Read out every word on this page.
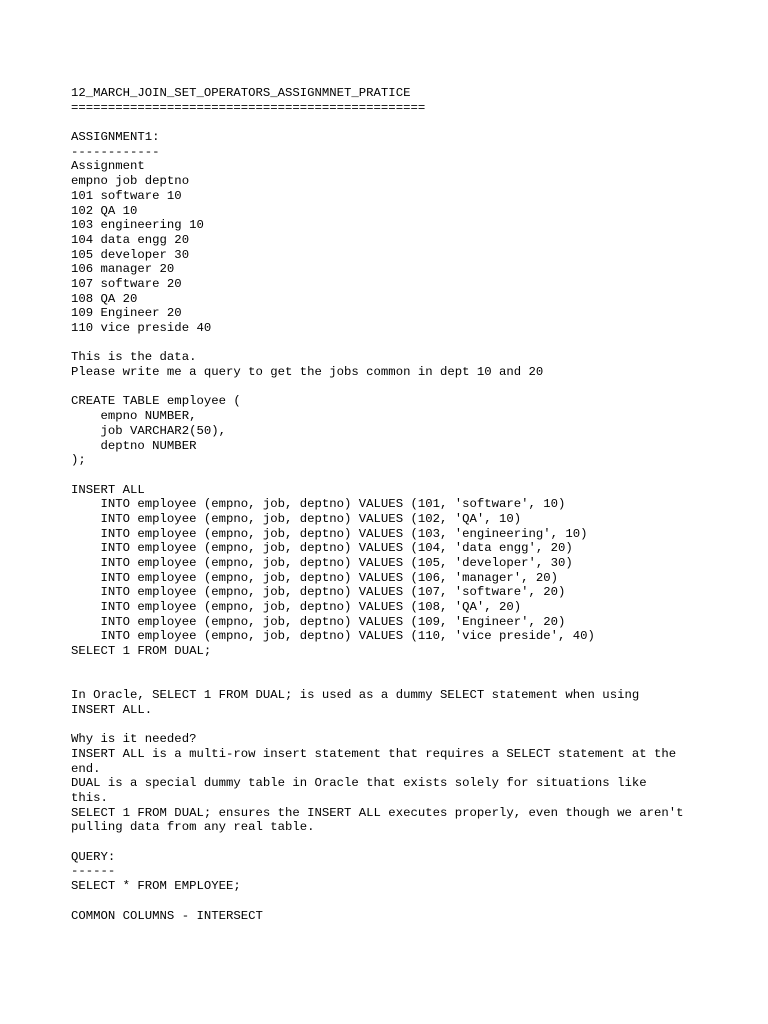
12_MARCH_JOIN_SET_OPERATORS_ASSIGNMNET_PRATICE
================================================
ASSIGNMENT1:
------------
Assignment
empno job deptno
101 software 10
102 QA 10
103 engineering 10
104 data engg 20
105 developer 30
106 manager 20
107 software 20
108 QA 20
109 Engineer 20
110 vice preside 40
This is the data.
Please write me a query to get the jobs common in dept 10 and 20
CREATE TABLE employee (
empno NUMBER,
job VARCHAR2(50),
deptno NUMBER
);
INSERT ALL
INTO employee (empno, job, deptno) VALUES (101, 'software', 10)
INTO employee (empno, job, deptno) VALUES (102, 'QA', 10)
INTO employee (empno, job, deptno) VALUES (103, 'engineering', 10)
INTO employee (empno, job, deptno) VALUES (104, 'data engg', 20)
INTO employee (empno, job, deptno) VALUES (105, 'developer', 30)
INTO employee (empno, job, deptno) VALUES (106, 'manager', 20)
INTO employee (empno, job, deptno) VALUES (107, 'software', 20)
INTO employee (empno, job, deptno) VALUES (108, 'QA', 20)
INTO employee (empno, job, deptno) VALUES (109, 'Engineer', 20)
INTO employee (empno, job, deptno) VALUES (110, 'vice preside', 40)
SELECT 1 FROM DUAL;
In Oracle, SELECT 1 FROM DUAL; is used as a dummy SELECT statement when using
INSERT ALL.
Why is it needed?
INSERT ALL is a multi-row insert statement that requires a SELECT statement at the
end.
DUAL is a special dummy table in Oracle that exists solely for situations like
this.
SELECT 1 FROM DUAL; ensures the INSERT ALL executes properly, even though we aren't
pulling data from any real table.
QUERY:
------
SELECT * FROM EMPLOYEE;
COMMON COLUMNS - INTERSECT
